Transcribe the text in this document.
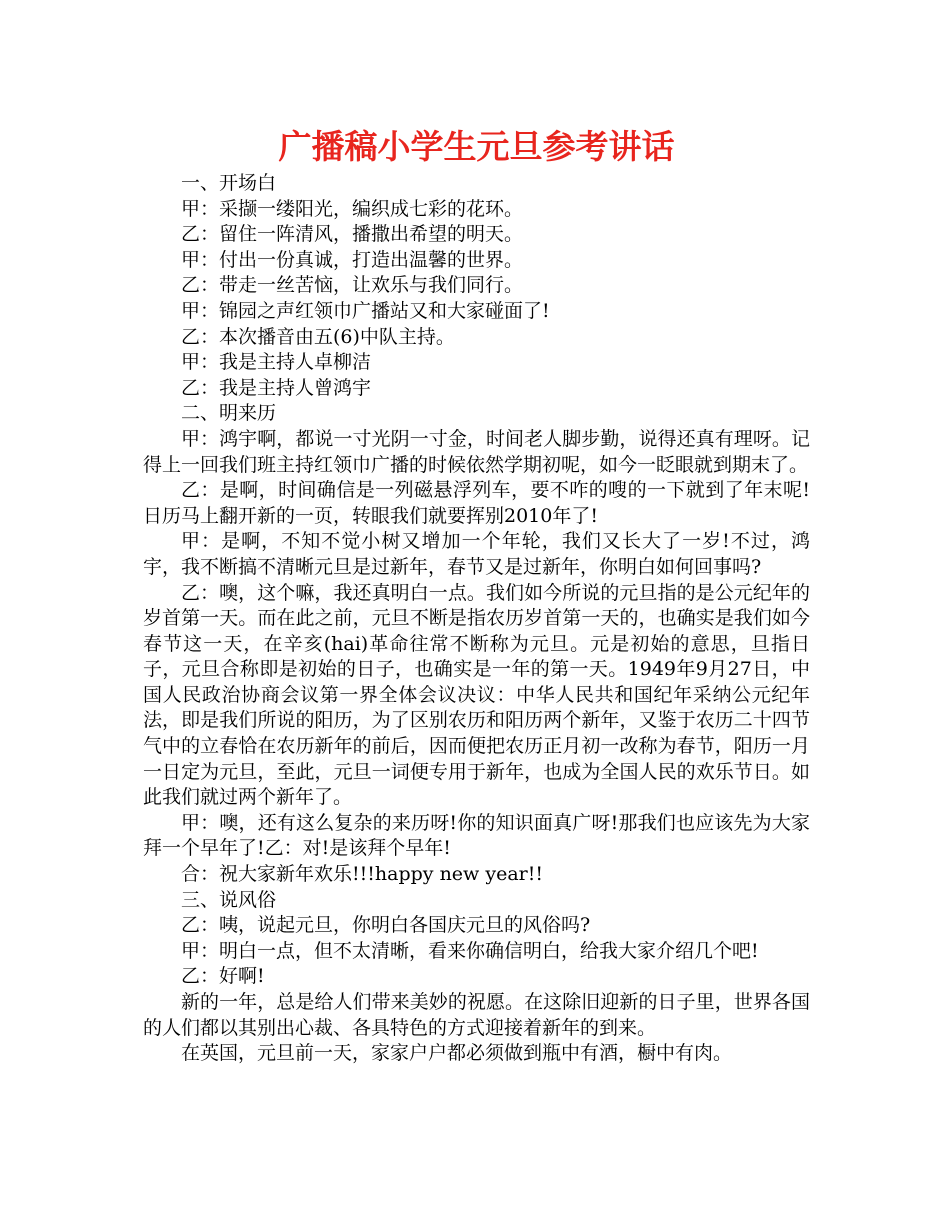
广播稿小学生元旦参考讲话

一、开场白

甲：采撷一缕阳光，编织成七彩的花环。

乙：留住一阵清风，播撒出希望的明天。

甲：付出一份真诚，打造出温馨的世界。

乙：带走一丝苦恼，让欢乐与我们同行。

甲：锦园之声红领巾广播站又和大家碰面了!

乙：本次播音由五(6)中队主持。

甲：我是主持人卓柳洁

乙：我是主持人曾鸿宇

二、明来历

甲：鸿宇啊，都说一寸光阴一寸金，时间老人脚步勤，说得还真有理呀。记得上一回我们班主持红领巾广播的时候依然学期初呢，如今一眨眼就到期末了。

乙：是啊，时间确信是一列磁悬浮列车，要不咋的嗖的一下就到了年末呢!日历马上翻开新的一页，转眼我们就要挥别2010年了!

甲：是啊，不知不觉小树又增加一个年轮，我们又长大了一岁!不过，鸿宇，我不断搞不清晰元旦是过新年，春节又是过新年，你明白如何回事吗?

乙：噢，这个嘛，我还真明白一点。我们如今所说的元旦指的是公元纪年的岁首第一天。而在此之前，元旦不断是指农历岁首第一天的，也确实是我们如今春节这一天，在辛亥(hai)革命往常不断称为元旦。元是初始的意思，旦指日子，元旦合称即是初始的日子，也确实是一年的第一天。1949年9月27日，中国人民政治协商会议第一界全体会议决议：中华人民共和国纪年采纳公元纪年法，即是我们所说的阳历，为了区别农历和阳历两个新年，又鉴于农历二十四节气中的立春恰在农历新年的前后，因而便把农历正月初一改称为春节，阳历一月一日定为元旦，至此，元旦一词便专用于新年，也成为全国人民的欢乐节日。如此我们就过两个新年了。

甲：噢，还有这么复杂的来历呀!你的知识面真广呀!那我们也应该先为大家拜一个早年了!乙：对!是该拜个早年!

合：祝大家新年欢乐!!!happy new year!!

三、说风俗

乙：咦，说起元旦，你明白各国庆元旦的风俗吗?

甲：明白一点，但不太清晰，看来你确信明白，给我大家介绍几个吧!

乙：好啊!

新的一年，总是给人们带来美妙的祝愿。在这除旧迎新的日子里，世界各国的人们都以其别出心裁、各具特色的方式迎接着新年的到来。

在英国，元旦前一天，家家户户都必须做到瓶中有酒，橱中有肉。
